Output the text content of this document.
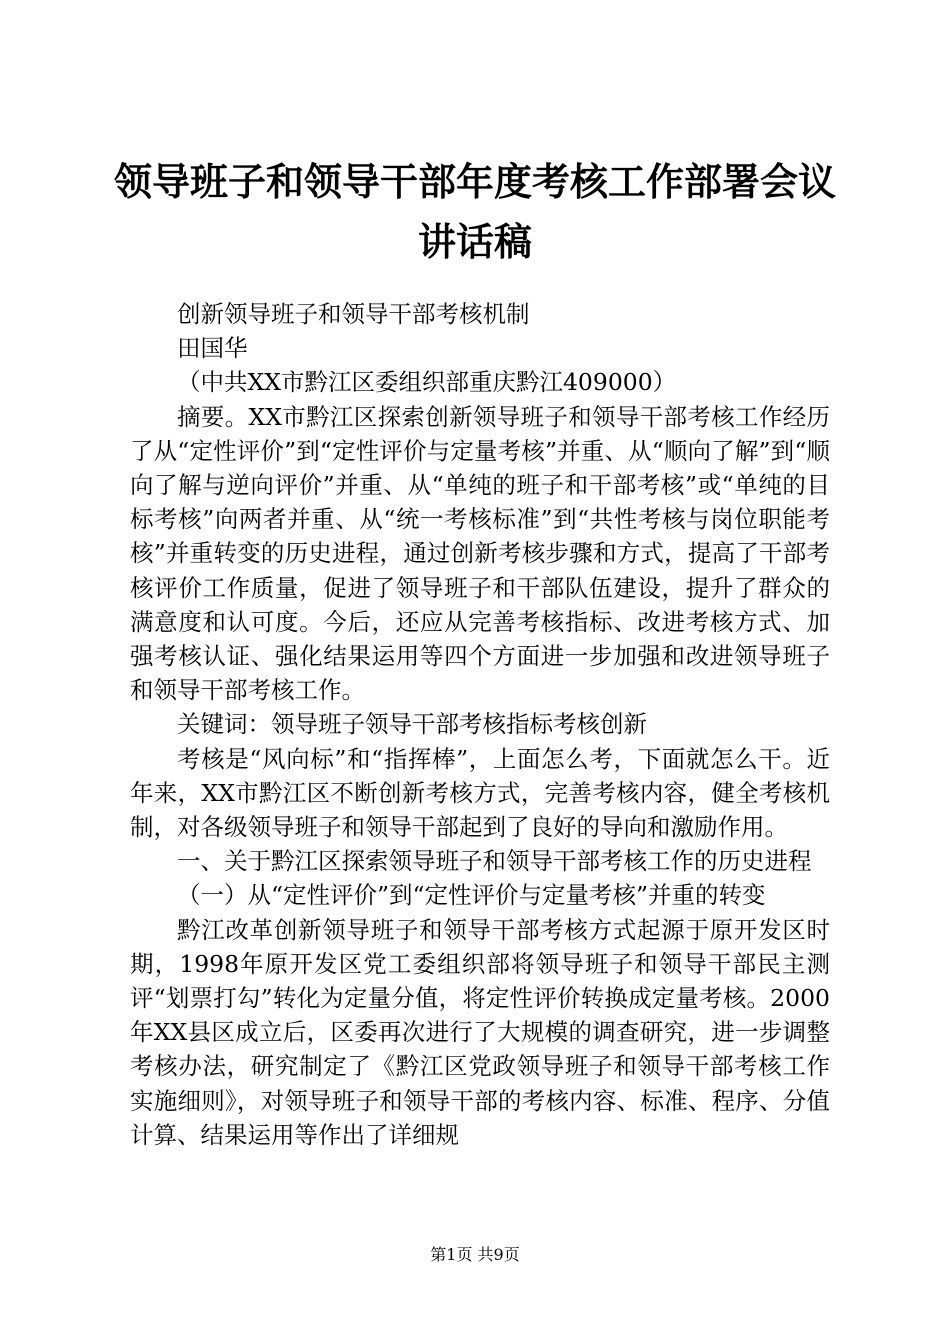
领导班子和领导干部年度考核工作部署会议讲话稿

创新领导班子和领导干部考核机制

田国华

（中共XX市黔江区委组织部重庆黔江409000）

摘要。XX市黔江区探索创新领导班子和领导干部考核工作经历了从“定性评价”到“定性评价与定量考核”并重、从“顺向了解”到“顺向了解与逆向评价”并重、从“单纯的班子和干部考核”或“单纯的目标考核”向两者并重、从“统一考核标准”到“共性考核与岗位职能考核”并重转变的历史进程，通过创新考核步骤和方式，提高了干部考核评价工作质量，促进了领导班子和干部队伍建设，提升了群众的满意度和认可度。今后，还应从完善考核指标、改进考核方式、加强考核认证、强化结果运用等四个方面进一步加强和改进领导班子和领导干部考核工作。

关键词：领导班子领导干部考核指标考核创新

考核是“风向标”和“指挥棒”，上面怎么考，下面就怎么干。近年来，XX市黔江区不断创新考核方式，完善考核内容，健全考核机制，对各级领导班子和领导干部起到了良好的导向和激励作用。

一、关于黔江区探索领导班子和领导干部考核工作的历史进程

（一）从“定性评价”到“定性评价与定量考核”并重的转变

黔江改革创新领导班子和领导干部考核方式起源于原开发区时期，1998年原开发区党工委组织部将领导班子和领导干部民主测评“划票打勾”转化为定量分值，将定性评价转换成定量考核。2000年XX县区成立后，区委再次进行了大规模的调查研究，进一步调整考核办法，研究制定了《黔江区党政领导班子和领导干部考核工作实施细则》，对领导班子和领导干部的考核内容、标准、程序、分值计算、结果运用等作出了详细规

第1页 共9页
